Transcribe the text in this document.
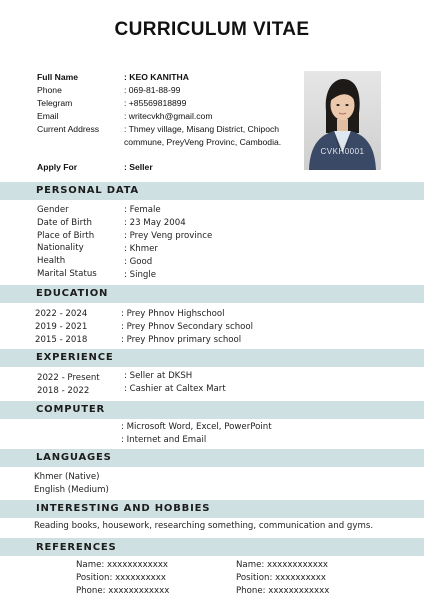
CURRICULUM VITAE
Full Name	: KEO KANITHA
Phone	: 069-81-88-99
Telegram	: +85569818899
Email	: writecvkh@gmail.com
Current Address	: Thmey village, Misang District, Chipoch
commune, PreyVeng Provinc, Cambodia.
Apply For	: Seller
CVKH0001
PERSONAL DATA
Gender	: Female
Date of Birth	: 23 May 2004
Place of Birth	: Prey Veng province
Nationality	: Khmer
Health	: Good
Marital Status	: Single
EDUCATION
2022 - 2024	: Prey Phnov Highschool
2019 - 2021	: Prey Phnov Secondary school
2015 - 2018	: Prey Phnov primary school
EXPERIENCE
2022 - Present	: Seller at DKSH
2018 - 2022	: Cashier at Caltex Mart
COMPUTER
: Microsoft Word, Excel, PowerPoint
: Internet and Email
LANGUAGES
Khmer (Native)
English (Medium)
INTERESTING AND HOBBIES
Reading books, housework, researching something, communication and gyms.
REFERENCES
Name: xxxxxxxxxxxx
Position: xxxxxxxxxx
Phone: xxxxxxxxxxxx
Name: xxxxxxxxxxxx
Position: xxxxxxxxxx
Phone: xxxxxxxxxxxx
